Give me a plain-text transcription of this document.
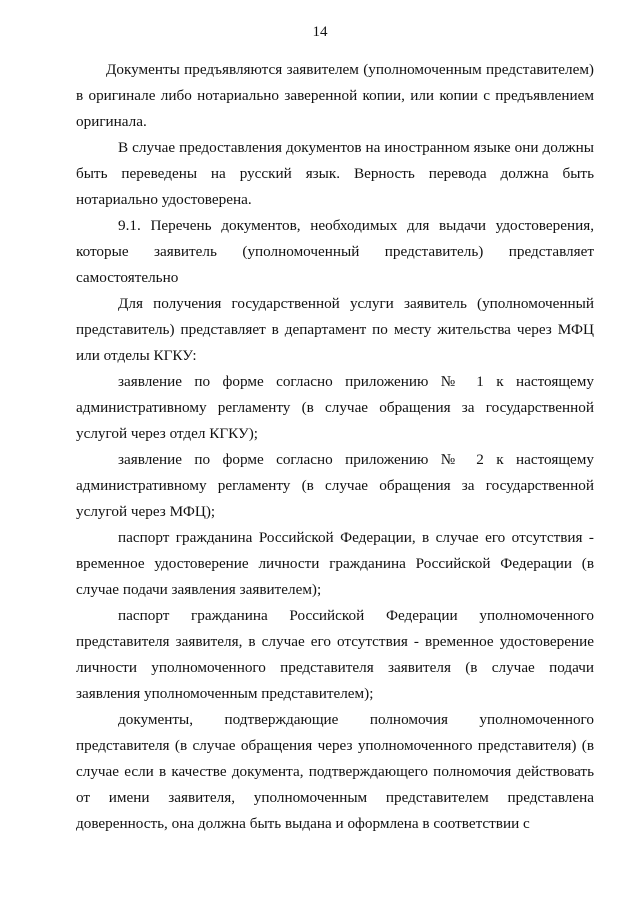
14

Документы предъявляются заявителем (уполномоченным представителем) в оригинале либо нотариально заверенной копии, или копии с предъявлением оригинала.

В случае предоставления документов на иностранном языке они должны быть переведены на русский язык. Верность перевода должна быть нотариально удостоверена.

9.1. Перечень документов, необходимых для выдачи удостоверения, которые заявитель (уполномоченный представитель) представляет самостоятельно

Для получения государственной услуги заявитель (уполномоченный представитель) представляет в департамент по месту жительства через МФЦ или отделы КГКУ:

заявление по форме согласно приложению № 1 к настоящему административному регламенту (в случае обращения за государственной услугой через отдел КГКУ);

заявление по форме согласно приложению № 2 к настоящему административному регламенту (в случае обращения за государственной услугой через МФЦ);

паспорт гражданина Российской Федерации, в случае его отсутствия - временное удостоверение личности гражданина Российской Федерации (в случае подачи заявления заявителем);

паспорт гражданина Российской Федерации уполномоченного представителя заявителя, в случае его отсутствия - временное удостоверение личности уполномоченного представителя заявителя (в случае подачи заявления уполномоченным представителем);

документы, подтверждающие полномочия уполномоченного представителя (в случае обращения через уполномоченного представителя) (в случае если в качестве документа, подтверждающего полномочия действовать от имени заявителя, уполномоченным представителем представлена доверенность, она должна быть выдана и оформлена в соответствии с
